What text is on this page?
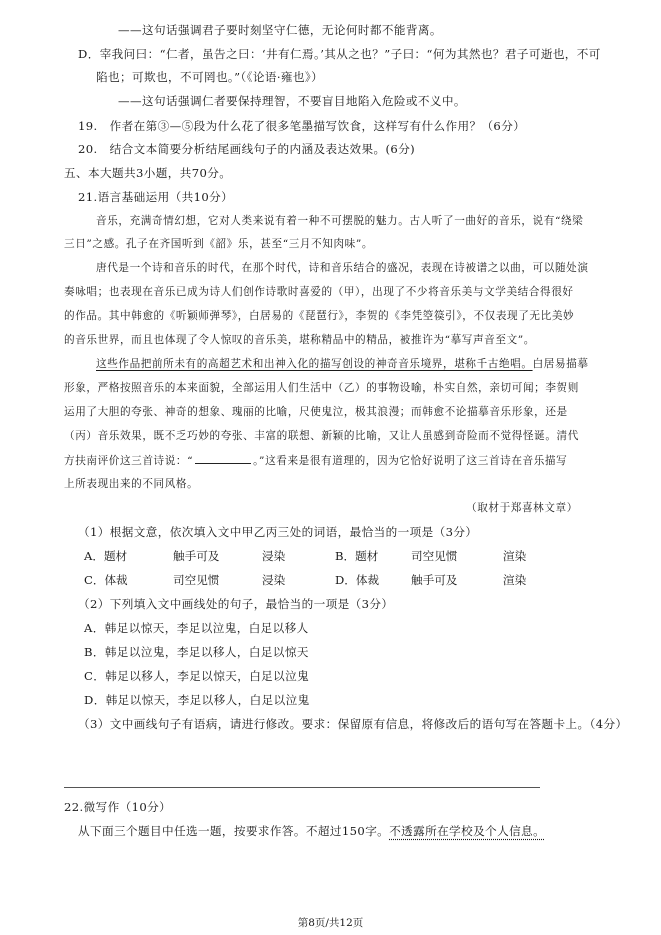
——这句话强调君子要时刻坚守仁德，无论何时都不能背离。
D．宰我问曰：“仁者，虽告之曰：‘井有仁焉。’其从之也？”子曰：“何为其然也？君子可逝也，不可
陷也；可欺也，不可罔也。”（《论语·雍也》）
——这句话强调仁者要保持理智，不要盲目地陷入危险或不义中。
19.　作者在第③—⑤段为什么花了很多笔墨描写饮食，这样写有什么作用？（6分）
20.　结合文本简要分析结尾画线句子的内涵及表达效果。(6分)
五、本大题共3小题，共70分。
21.语言基础运用（共10分）
音乐，充满奇情幻想，它对人类来说有着一种不可摆脱的魅力。古人听了一曲好的音乐，说有“绕梁
三日”之感。孔子在齐国听到《韶》乐，甚至“三月不知肉味”。
唐代是一个诗和音乐的时代，在那个时代，诗和音乐结合的盛况，表现在诗被谱之以曲，可以随处演
奏咏唱；也表现在音乐已成为诗人们创作诗歌时喜爱的（甲），出现了不少将音乐美与文学美结合得很好
的作品。其中韩愈的《听颖师弹琴》，白居易的《琵琶行》，李贺的《李凭箜篌引》，不仅表现了无比美妙
的音乐世界，而且也体现了令人惊叹的音乐美，堪称精品中的精品，被推许为“摹写声音至文”。
这些作品把前所未有的高超艺术和出神入化的描写创设的神奇音乐境界，堪称千古绝唱。白居易描摹
形象，严格按照音乐的本来面貌，全部运用人们生活中（乙）的事物设喻，朴实自然，亲切可闻；李贺则
运用了大胆的夸张、神奇的想象、瑰丽的比喻，尺使鬼泣，极其浪漫；而韩愈不论描摹音乐形象，还是
（丙）音乐效果，既不乏巧妙的夸张、丰富的联想、新颖的比喻，又让人虽感到奇险而不觉得怪诞。清代
方扶南评价这三首诗说：“	。”这看来是很有道理的，因为它恰好说明了这三首诗在音乐描写
上所表现出来的不同风格。
（取材于郑喜林文章）
（1）根据文意，依次填入文中甲乙丙三处的词语，最恰当的一项是（3分）
A．题材	触手可及	浸染	B．题材	司空见惯	渲染
C．体裁	司空见惯	浸染	D．体裁	触手可及	渲染
（2）下列填入文中画线处的句子，最恰当的一项是（3分）
A．韩足以惊天，李足以泣鬼，白足以移人
B．韩足以泣鬼，李足以移人，白足以惊天
C．韩足以移人，李足以惊天，白足以泣鬼
D．韩足以惊天，李足以移人，白足以泣鬼
（3）文中画线句子有语病，请进行修改。要求：保留原有信息，将修改后的语句写在答题卡上。（4分）
22.微写作（10分）
从下面三个题目中任选一题，按要求作答。不超过150字。不透露所在学校及个人信息。
第8页/共12页
